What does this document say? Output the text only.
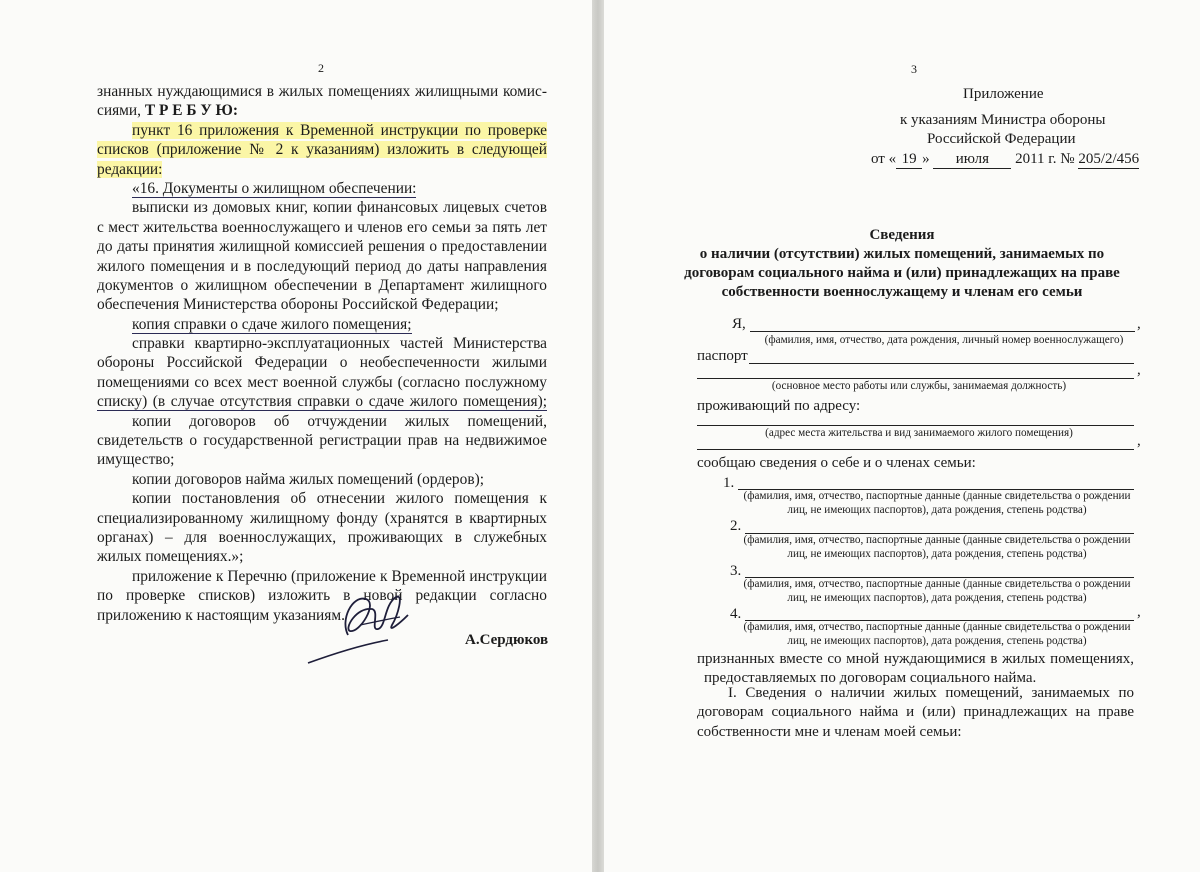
2
знанных нуждающимися в жилых помещениях жилищными комис-
сиями, Т Р Е Б У Ю:
пункт 16 приложения к Временной инструкции по проверке
списков (приложение № 2 к указаниям) изложить в следующей
редакции:
«16. Документы о жилищном обеспечении:
выписки из домовых книг, копии финансовых лицевых счетов
с мест жительства военнослужащего и членов его семьи за пять лет
до даты принятия жилищной комиссией решения о предоставлении
жилого помещения и в последующий период до даты направления
документов о жилищном обеспечении в Департамент жилищного
обеспечения Министерства обороны Российской Федерации;
копия справки о сдаче жилого помещения;
справки квартирно-эксплуатационных частей Министерства
обороны Российской Федерации о необеспеченности жилыми
помещениями со всех мест военной службы (согласно послужному
списку) (в случае отсутствия справки о сдаче жилого помещения);
копии договоров об отчуждении жилых помещений,
свидетельств о государственной регистрации прав на недвижимое
имущество;
копии договоров найма жилых помещений (ордеров);
копии постановления об отнесении жилого помещения к
специализированному жилищному фонду (хранятся в квартирных
органах) – для военнослужащих, проживающих в служебных
жилых помещениях.»;
приложение к Перечню (приложение к Временной инструкции
по проверке списков) изложить в новой редакции согласно
приложению к настоящим указаниям.
А.Сердюков
3
Приложение
к указаниям Министра обороны
Российской Федерации
от « 19 » июля 2011 г. № 205/2/456
Сведения
о наличии (отсутствии) жилых помещений, занимаемых по
договорам социального найма и (или) принадлежащих на праве
собственности военнослужащему и членам его семьи
Я,	,
(фамилия, имя, отчество, дата рождения, личный номер военнослужащего)
паспорт
,
(основное место работы или службы, занимаемая должность)
проживающий по адресу:
(адрес места жительства и вид занимаемого жилого помещения)	,
сообщаю сведения о себе и о членах семьи:
1.
(фамилия, имя, отчество, паспортные данные (данные свидетельства о рождении
лиц, не имеющих паспортов), дата рождения, степень родства)
2.
(фамилия, имя, отчество, паспортные данные (данные свидетельства о рождении
лиц, не имеющих паспортов), дата рождения, степень родства)
3.
(фамилия, имя, отчество, паспортные данные (данные свидетельства о рождении
лиц, не имеющих паспортов), дата рождения, степень родства)
4.	,
(фамилия, имя, отчество, паспортные данные (данные свидетельства о рождении
лиц, не имеющих паспортов), дата рождения, степень родства)
признанных вместе со мной нуждающимися в жилых помещениях,
предоставляемых по договорам социального найма.
I. Сведения о наличии жилых помещений, занимаемых по
договорам социального найма и (или) принадлежащих на праве
собственности мне и членам моей семьи:
